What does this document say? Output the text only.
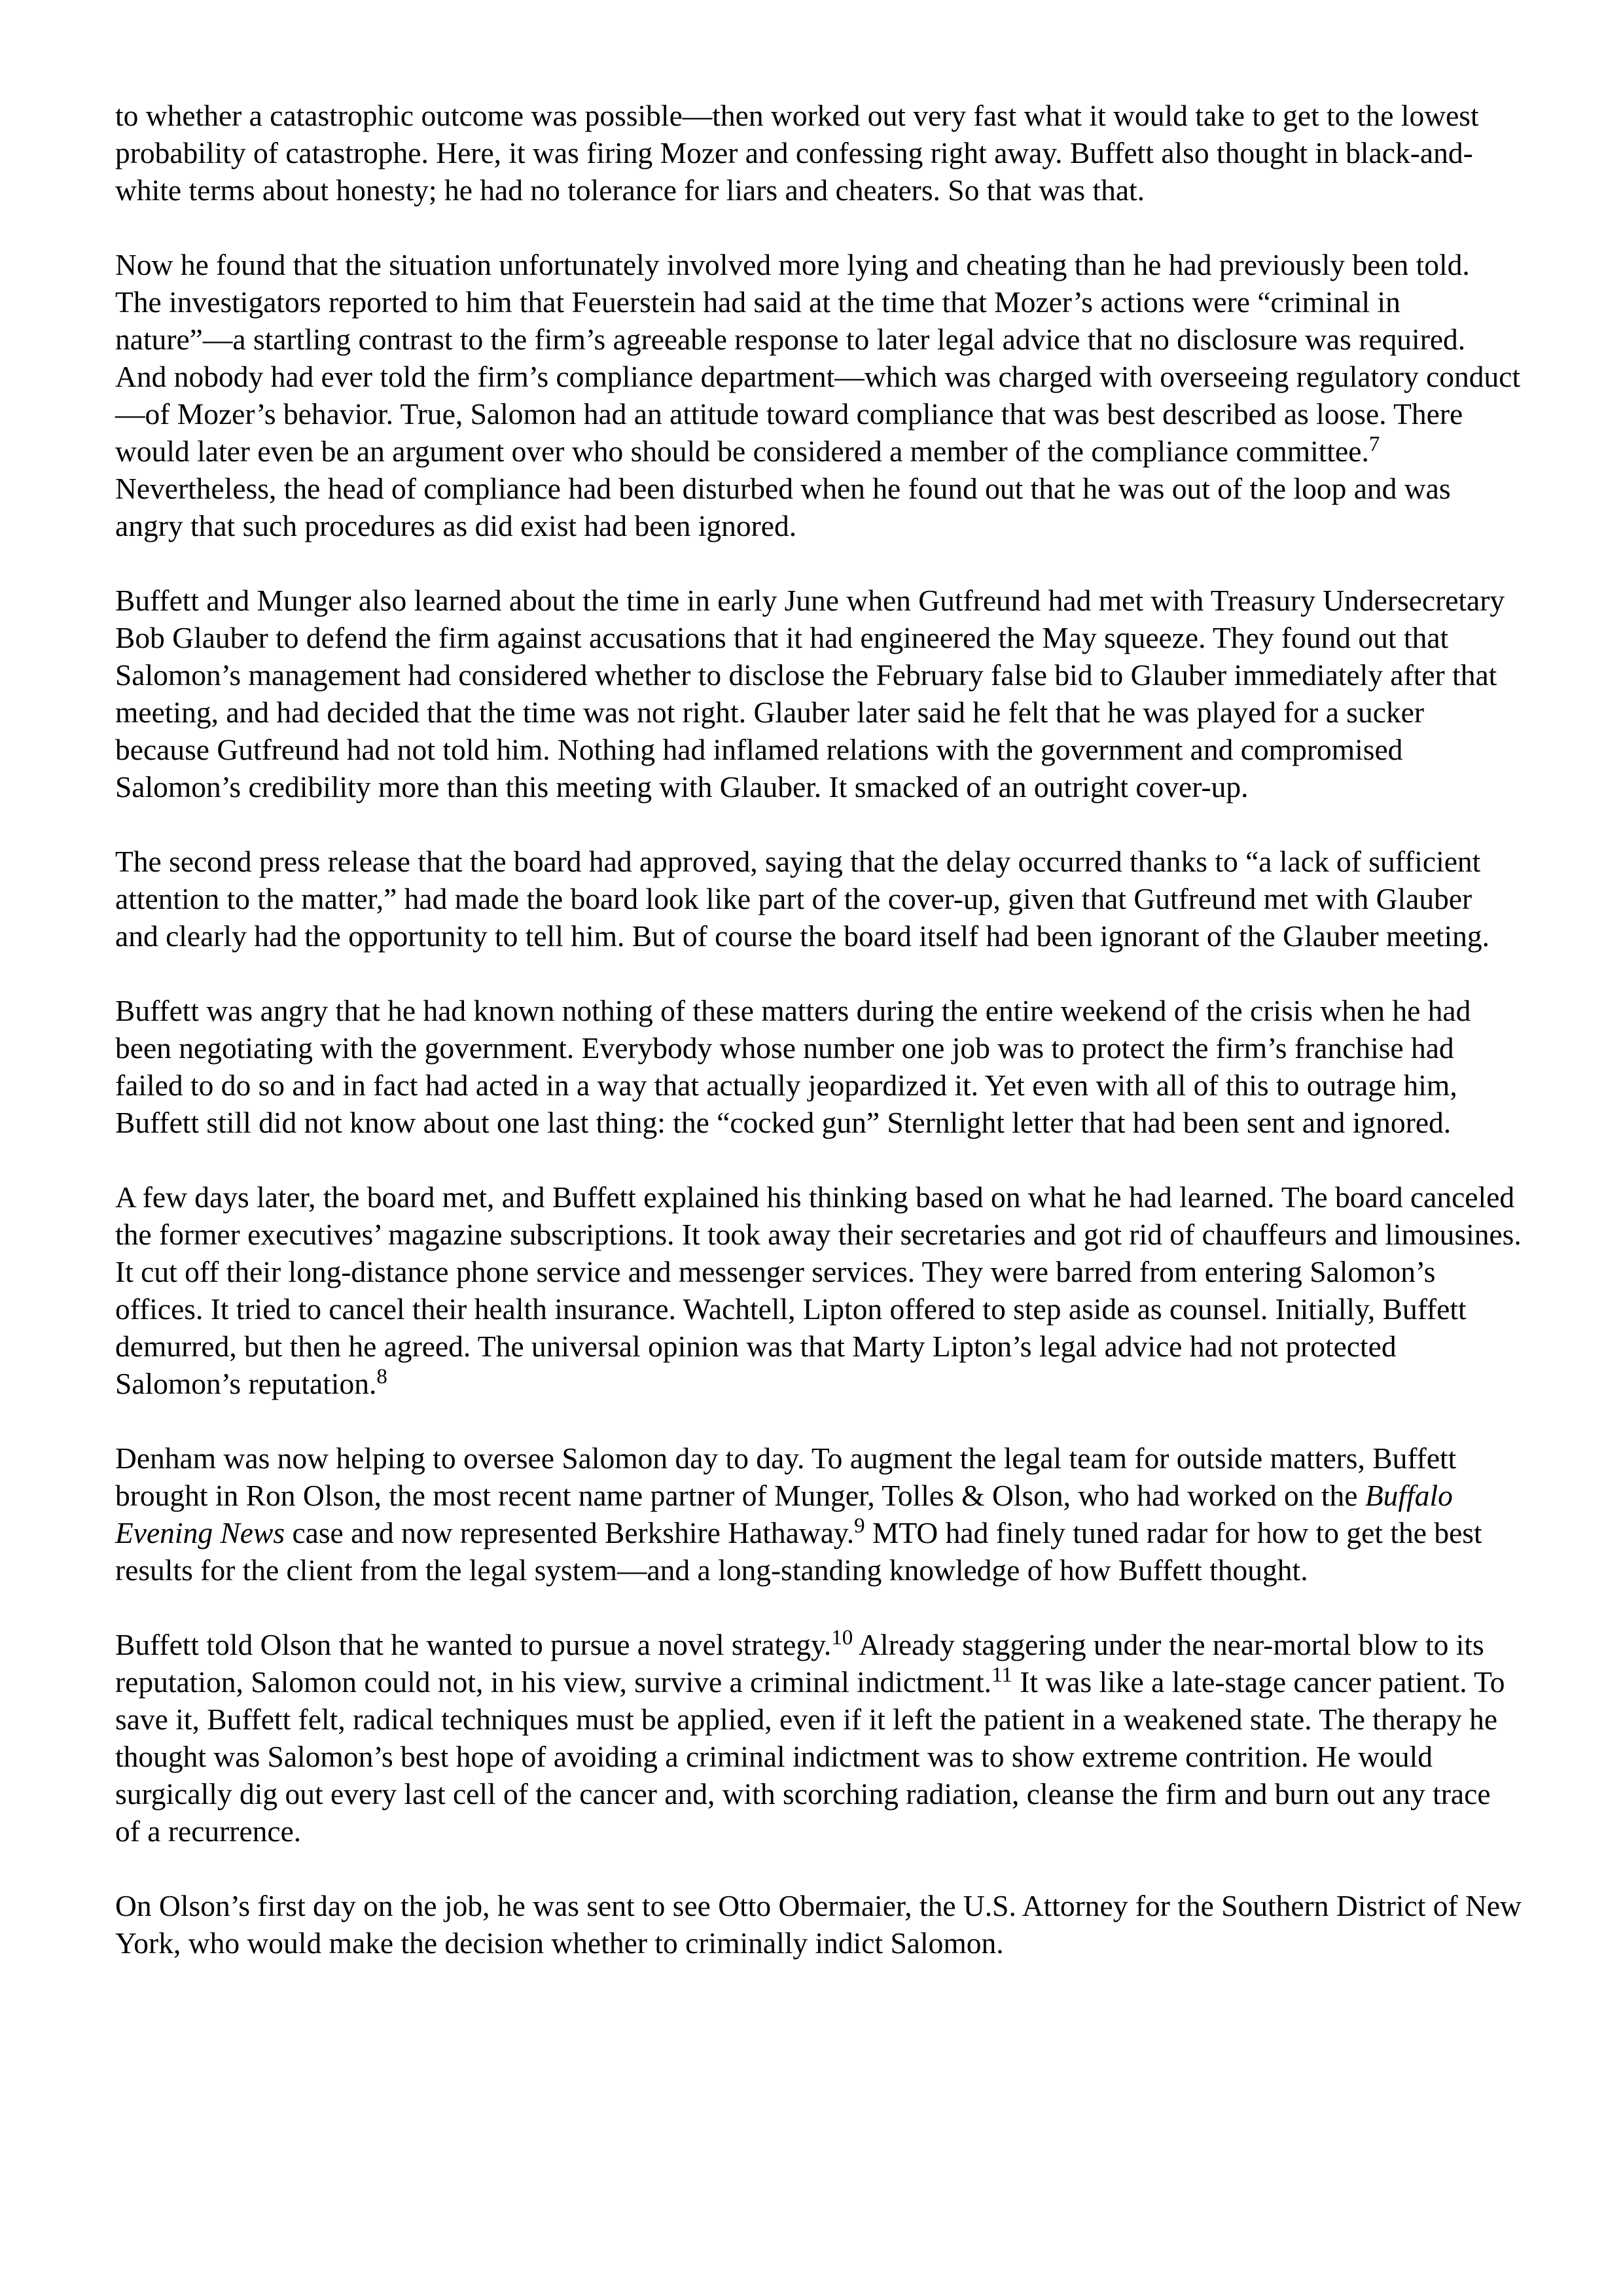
to whether a catastrophic outcome was possible—then worked out very fast what it would take to get to the lowest probability of catastrophe. Here, it was firing Mozer and confessing right away. Buffett also thought in black-and-white terms about honesty; he had no tolerance for liars and cheaters. So that was that.

Now he found that the situation unfortunately involved more lying and cheating than he had previously been told. The investigators reported to him that Feuerstein had said at the time that Mozer’s actions were “criminal in nature”—a startling contrast to the firm’s agreeable response to later legal advice that no disclosure was required. And nobody had ever told the firm’s compliance department—which was charged with overseeing regulatory conduct—of Mozer’s behavior. True, Salomon had an attitude toward compliance that was best described as loose. There would later even be an argument over who should be considered a member of the compliance committee.$^7$ Nevertheless, the head of compliance had been disturbed when he found out that he was out of the loop and was angry that such procedures as did exist had been ignored.

Buffett and Munger also learned about the time in early June when Gutfreund had met with Treasury Undersecretary Bob Glauber to defend the firm against accusations that it had engineered the May squeeze. They found out that Salomon’s management had considered whether to disclose the February false bid to Glauber immediately after that meeting, and had decided that the time was not right. Glauber later said he felt that he was played for a sucker because Gutfreund had not told him. Nothing had inflamed relations with the government and compromised Salomon’s credibility more than this meeting with Glauber. It smacked of an outright cover-up.

The second press release that the board had approved, saying that the delay occurred thanks to “a lack of sufficient attention to the matter,” had made the board look like part of the cover-up, given that Gutfreund met with Glauber and clearly had the opportunity to tell him. But of course the board itself had been ignorant of the Glauber meeting.

Buffett was angry that he had known nothing of these matters during the entire weekend of the crisis when he had been negotiating with the government. Everybody whose number one job was to protect the firm’s franchise had failed to do so and in fact had acted in a way that actually jeopardized it. Yet even with all of this to outrage him, Buffett still did not know about one last thing: the “cocked gun” Sternlight letter that had been sent and ignored.

A few days later, the board met, and Buffett explained his thinking based on what he had learned. The board canceled the former executives’ magazine subscriptions. It took away their secretaries and got rid of chauffeurs and limousines. It cut off their long-distance phone service and messenger services. They were barred from entering Salomon’s offices. It tried to cancel their health insurance. Wachtell, Lipton offered to step aside as counsel. Initially, Buffett demurred, but then he agreed. The universal opinion was that Marty Lipton’s legal advice had not protected Salomon’s reputation.$^8$

Denham was now helping to oversee Salomon day to day. To augment the legal team for outside matters, Buffett brought in Ron Olson, the most recent name partner of Munger, Tolles & Olson, who had worked on the Buffalo Evening News case and now represented Berkshire Hathaway.$^9$ MTO had finely tuned radar for how to get the best results for the client from the legal system—and a long-standing knowledge of how Buffett thought.

Buffett told Olson that he wanted to pursue a novel strategy.$^{10}$ Already staggering under the near-mortal blow to its reputation, Salomon could not, in his view, survive a criminal indictment.$^{11}$ It was like a late-stage cancer patient. To save it, Buffett felt, radical techniques must be applied, even if it left the patient in a weakened state. The therapy he thought was Salomon’s best hope of avoiding a criminal indictment was to show extreme contrition. He would surgically dig out every last cell of the cancer and, with scorching radiation, cleanse the firm and burn out any trace of a recurrence.

On Olson’s first day on the job, he was sent to see Otto Obermaier, the U.S. Attorney for the Southern District of New York, who would make the decision whether to criminally indict Salomon.
